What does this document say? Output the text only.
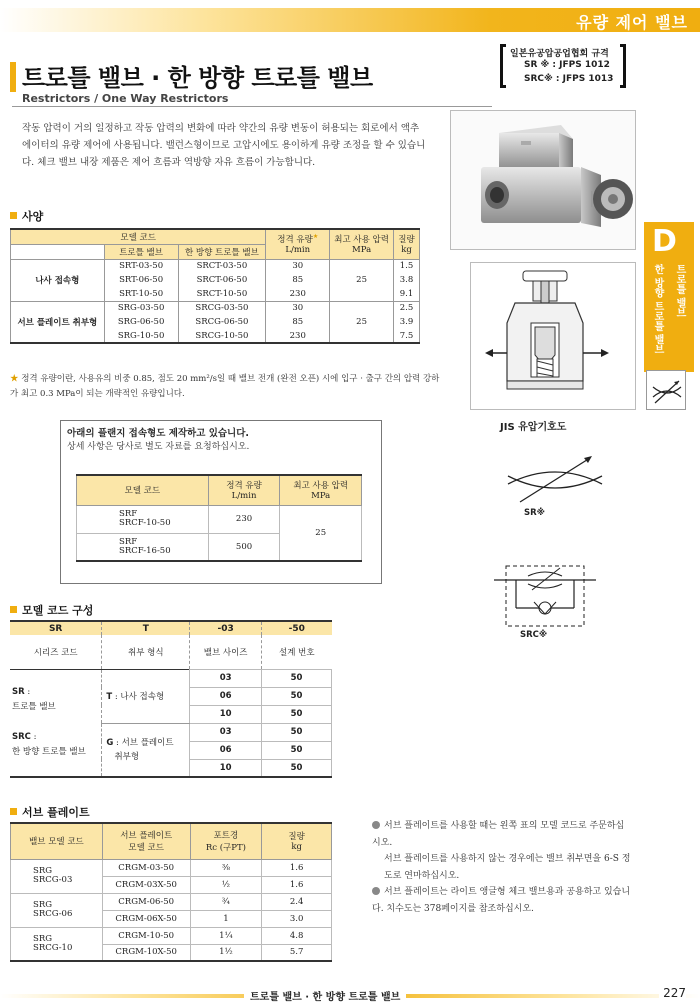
유량 제어 밸브
트로틀 밸브 · 한 방향 트로틀 밸브
Restrictors / One Way Restrictors
일본유공압공업협회 규격
SR ※ : JFPS 1012
SRC※ : JFPS 1013
작동 압력이 거의 일정하고 작동 압력의 변화에 따라 약간의 유량 변동이 허용되는 회로에서 액추에이터의 유량 제어에 사용됩니다. 밸런스형이므로 고압시에도 용이하게 유량 조정을 할 수 있습니다. 체크 밸브 내장 제품은 제어 흐름과 역방향 자유 흐름이 가능합니다.
사양
모델 코드			정격 유량★
L/min	최고 사용 압력
MPa	질량
kg
	트로틀 밸브	한 방향 트로틀 밸브			
나사 접속형	SRT-03-50	SRCT-03-50	30	25	1.5
	SRT-06-50	SRCT-06-50	85		3.8
	SRT-10-50	SRCT-10-50	230		9.1
서브 플레이트 취부형	SRG-03-50	SRCG-03-50	30	25	2.5
	SRG-06-50	SRCG-06-50	85		3.9
	SRG-10-50	SRCG-10-50	230		7.5
★ 정격 유량이란, 사용유의 비중 0.85, 점도 20 mm²/s일 때 밸브 전개 (완전 오픈) 시에 입구 · 출구 간의 압력 강하가 최고 0.3 MPa이 되는 개략적인 유량입니다.
D
트로틀 밸브
한 방향 트로틀 밸브
JIS 유압기호도
SR※
SRC※
아래의 플랜지 접속형도 제작하고 있습니다.
상세 사항은 당사로 별도 자료를 요청하십시오.
모델 코드	정격 유량
L/min	최고 사용 압력
MPa
SRF
SRCF-10-50	230	25
SRF
SRCF-16-50	500	
모델 코드 구성
SR	T	-03	-50
시리즈 코드	취부 형식	밸브 사이즈	설계 번호
SR :
트로틀 밸브

SRC :
한 방향 트로틀 밸브	T : 나사 접속형	03	50
		06	50
		10	50
	G : 서브 플레이트
취부형	03	50
		06	50
		10	50
서브 플레이트
밸브 모델 코드	서브 플레이트
모델 코드	포트경
Rc (구PT)	질량
kg
SRG
SRCG-03	CRGM-03-50	⅜	1.6
	CRGM-03X-50	½	1.6
SRG
SRCG-06	CRGM-06-50	¾	2.4
	CRGM-06X-50	1	3.0
SRG
SRCG-10	CRGM-10-50	1¼	4.8
	CRGM-10X-50	1½	5.7
서브 플레이트를 사용할 때는 왼쪽 표의 모델 코드로 주문하십시오.
서브 플레이트를 사용하지 않는 경우에는 밸브 취부면을 6-S 정도로 연마하십시오.
서브 플레이트는 라이트 앵글형 체크 밸브용과 공용하고 있습니다. 치수도는 378페이지를 참조하십시오.
트로틀 밸브 · 한 방향 트로틀 밸브	227
